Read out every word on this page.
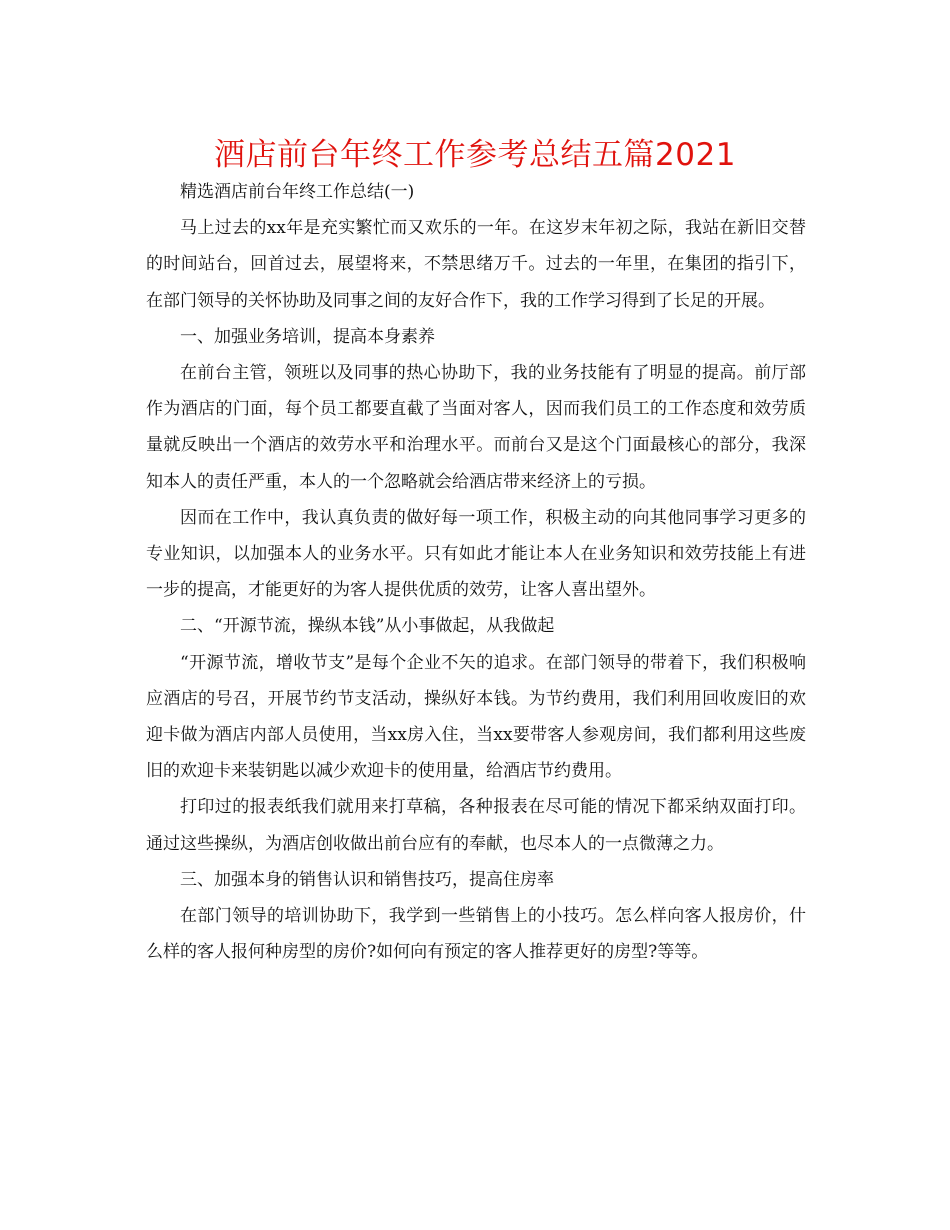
酒店前台年终工作参考总结五篇2021

精选酒店前台年终工作总结(一)

马上过去的xx年是充实繁忙而又欢乐的一年。在这岁末年初之际，我站在新旧交替的时间站台，回首过去，展望将来，不禁思绪万千。过去的一年里，在集团的指引下，在部门领导的关怀协助及同事之间的友好合作下，我的工作学习得到了长足的开展。

一、加强业务培训，提高本身素养

在前台主管，领班以及同事的热心协助下，我的业务技能有了明显的提高。前厅部作为酒店的门面，每个员工都要直截了当面对客人，因而我们员工的工作态度和效劳质量就反映出一个酒店的效劳水平和治理水平。而前台又是这个门面最核心的部分，我深知本人的责任严重，本人的一个忽略就会给酒店带来经济上的亏损。

因而在工作中，我认真负责的做好每一项工作，积极主动的向其他同事学习更多的专业知识，以加强本人的业务水平。只有如此才能让本人在业务知识和效劳技能上有进一步的提高，才能更好的为客人提供优质的效劳，让客人喜出望外。

二、“开源节流，操纵本钱”从小事做起，从我做起

“开源节流，增收节支”是每个企业不矢的追求。在部门领导的带着下，我们积极响应酒店的号召，开展节约节支活动，操纵好本钱。为节约费用，我们利用回收废旧的欢迎卡做为酒店内部人员使用，当xx房入住，当xx要带客人参观房间，我们都利用这些废旧的欢迎卡来装钥匙以减少欢迎卡的使用量，给酒店节约费用。

打印过的报表纸我们就用来打草稿，各种报表在尽可能的情况下都采纳双面打印。通过这些操纵，为酒店创收做出前台应有的奉献，也尽本人的一点微薄之力。

三、加强本身的销售认识和销售技巧，提高住房率

在部门领导的培训协助下，我学到一些销售上的小技巧。怎么样向客人报房价，什么样的客人报何种房型的房价?如何向有预定的客人推荐更好的房型?等等。
